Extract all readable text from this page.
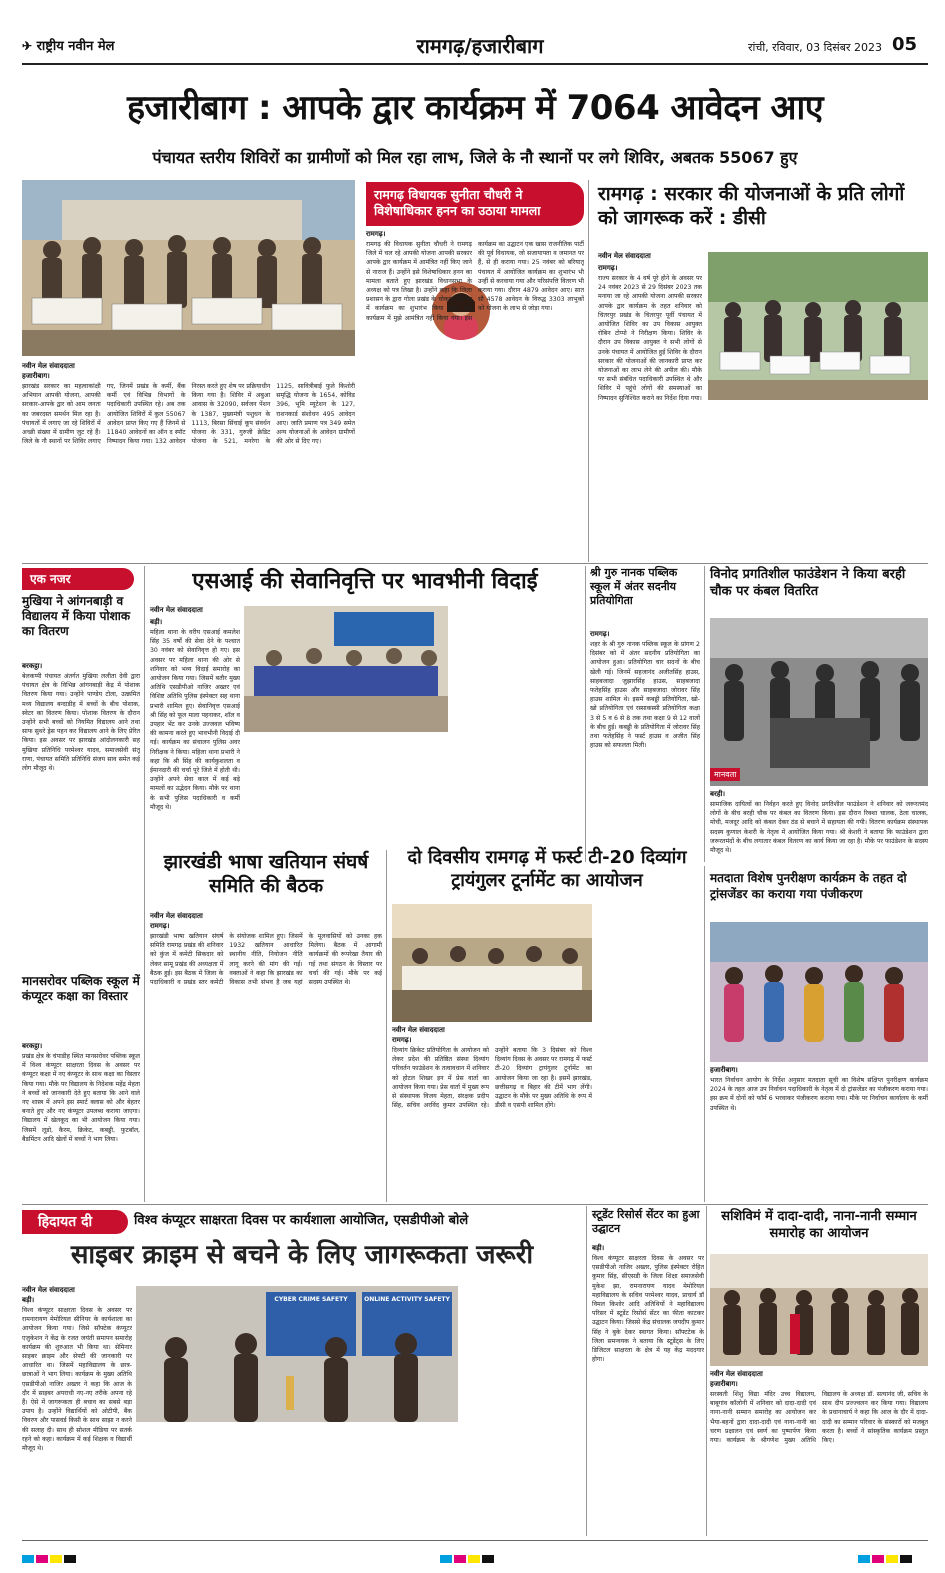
✈ राष्ट्रीय नवीन मेल	रामगढ़/हजारीबाग	रांची, रविवार, 03 दिसंबर 2023 05
हजारीबाग : आपके द्वार कार्यक्रम में 7064 आवेदन आए
पंचायत स्तरीय शिविरों का ग्रामीणों को मिल रहा लाभ, जिले के नौ स्थानों पर लगे शिविर, अबतक 55067 हुए
नवीन मेल संवाददाता
हजारीबाग।
झारखंड सरकार का महत्वाकांक्षी अभियान आपकी योजना, आपकी सरकार-आपके द्वार को आम जनता का जबरदस्त समर्थन मिल रहा है। पंचायतों में लगाए जा रहे शिविरों में अच्छी संख्या में ग्रामीण जुट रहे हैं। जिले के नौ स्थानों पर शिविर लगाए गए, जिनमें प्रखंड के कर्मी, बैंक कर्मी एवं विभिन्न विभागों के पदाधिकारी उपस्थित रहे। अब तक आयोजित शिविरों में कुल 55067 आवेदन प्राप्त किए गए हैं जिनमें से 11840 आवेदनों का ऑन द स्पॉट निष्पादन किया गया। 132 आवेदन निरस्त करते हुए शेष पर प्रक्रियाधीन किया गया है। शिविर में अबुआ आवास के 32090, सर्वजन पेंशन के 1387, मुख्यमंत्री पशुधन के 1113, बिरसा सिंचाई कूप संवर्धन योजना के 331, गुरुजी क्रेडिट योजना के 521, मनरेगा के 1125, सावित्रीबाई फुले किशोरी समृद्धि योजना के 1654, कोविड 396, भूमि म्यूटेशन के 127, राशनकार्ड संशोधन 495 आवेदन आए। जाति प्रमाण पत्र 349 समेत अन्य योजनाओं के आवेदन ग्रामीणों की ओर से दिए गए।
रामगढ़ विधायक सुनीता चौधरी ने विशेषाधिकार हनन का उठाया मामला
रामगढ़।
रामगढ़ की विधायक सुनीता चौधरी ने रामगढ़ जिले में चल रहे आपकी योजना आपकी सरकार आपके द्वार कार्यक्रम में आमंत्रित नहीं किए जाने से नाराज हैं। उन्होंने इसे विशेषाधिकार हनन का मामला बताते हुए झारखंड विधानसभा के अध्यक्ष को पत्र लिखा है। उन्होंने कहा कि जिला प्रशासन के द्वारा गोला प्रखंड के चोकाद पंचायत में कार्यक्रम का शुभारंभ किया गया। इस कार्यक्रम में मुझे आमंत्रित नहीं किया गया। इस कार्यक्रम का उद्घाटन एक खास राजनीतिक पार्टी की पूर्व विधायक, जो सजायाफ्ता व जमानत पर हैं, से ही कराया गया। 25 नवंबर को बरियातू पंचायत में आयोजित कार्यक्रम का शुभारंभ भी उन्हीं से करवाया गया और परिसंपत्ति वितरण भी कराया गया। दौरान 4879 आवेदन आए। सात सौ 4578 आवेदन के विरुद्ध 3303 लाभुकों को योजना के लाभ से जोड़ा गया।
रामगढ़ : सरकार की योजनाओं के प्रति लोगों को जागरूक करें : डीसी
नवीन मेल संवाददाता
रामगढ़।
राज्य सरकार के 4 वर्ष पूरे होने के अवसर पर 24 नवंबर 2023 से 29 दिसंबर 2023 तक मनाया जा रहे आपकी योजना आपकी सरकार आपके द्वार कार्यक्रम के तहत शनिवार को चितरपुर प्रखंड के चितरपुर पूर्वी पंचायत में आयोजित शिविर का उप विकास आयुक्त रोबिन टोप्पो ने निरीक्षण किया। शिविर के दौरान उप विकास आयुक्त ने सभी लोगों से उनके पंचायत में आयोजित हुई शिविर के दौरान सरकार की योजनाओं की जानकारी प्राप्त कर योजनाओं का लाभ लेने की अपील की। मौके पर सभी संबंधित पदाधिकारी उपस्थित थे और शिविर में पहुंचे लोगों की समस्याओं का निष्पादन सुनिश्चित कराने का निर्देश दिया गया।
एक नजर
मुखिया ने आंगनबाड़ी व विद्यालय में किया पोशाक का वितरण
बरकट्ठा।
बेलकप्पी पंचायत अंतर्गत मुखिया ललीता देवी द्वारा पंचायत क्षेत्र के विभिन्न आंगनबाड़ी केंद्र में पोशाक वितरण किया गया। उन्होंने पाण्डेय टोला, उत्क्रमित मध्य विद्यालय बन्दाडीह में बच्चों के बीच पोशाक, स्वेटर का वितरण किया। पोशाक वितरण के दौरान उन्होंने सभी बच्चों को नियमित विद्यालय आने तथा साफ सुथरे ड्रेस पहन कर विद्यालय आने के लिए प्रेरित किया। इस अवसर पर झारखंड आंदोलनकारी सह मुखिया प्रतिनिधि परमेश्वर यादव, समाजसेवी संतू राणा, पंचायत समिति प्रतिनिधि संजय साव समेत कई लोग मौजूद थे।
मानसरोवर पब्लिक स्कूल में कंप्यूटर कक्षा का विस्तार
बरकट्ठा।
प्रखंड क्षेत्र के चंपाडीह स्थित मानसरोवर पब्लिक स्कूल में विश्व कंप्यूटर साक्षरता दिवस के अवसर पर कंप्यूटर कक्षा में नए कंप्यूटर के साथ कक्षा का विस्तार किया गया। मौके पर विद्यालय के निदेशक महेंद्र मेहता ने बच्चों को जानकारी देते हुए बताया कि आने वाले नए शास्त्र में अपने इस स्मार्ट क्लास को और बेहतर बनाते हुए और नए कंप्यूटर उपलब्ध कराया जाएगा। विद्यालय में खेलकूद का भी आयोजन किया गया। जिसमें लूडो, कैरम, क्रिकेट, कबड्डी, फुटबॉल, बैडमिंटन आदि खेलों में बच्चों ने भाग लिया।
एसआई की सेवानिवृत्ति पर भावभीनी विदाई
नवीन मेल संवाददाता
बड़ी।
महिला थाना के वरीय एसआई कमलेश सिंह 35 वर्षों की सेवा देने के पश्चात 30 नवंबर को सेवानिवृत्त हो गए। इस अवसर पर महिला थाना की ओर से शनिवार को भव्य विदाई समारोह का आयोजन किया गया। जिसमें बतौर मुख्य अतिथि एसडीपीओ नाजिर अख्तर एवं विशिष्ट अतिथि पुलिस इंस्पेक्टर सह थाना प्रभारी शामिल हुए। सेवानिवृत्त एसआई श्री सिंह को फूल माला पहनाकर, शॉल व उपहार भेंट कर उनके उज्जवल भविष्य की कामना करते हुए भावभीनी विदाई दी गई। कार्यक्रम का संचालन पुलिस अवर निरीक्षक ने किया। महिला थाना प्रभारी ने कहा कि श्री सिंह की कार्यकुशलता व ईमानदारी की चर्चा पूरे जिले में होती थी। उन्होंने अपने सेवा काल में कई बड़े मामलों का उद्भेदन किया। मौके पर थाना के सभी पुलिस पदाधिकारी व कर्मी मौजूद थे।
श्री गुरु नानक पब्लिक स्कूल में अंतर सदनीय प्रतियोगिता
रामगढ़।
शहर के श्री गुरु नानक पब्लिक स्कूल के प्रांगण 2 दिसंबर को में अंतर सदनीय प्रतियोगिता का आयोजन हुआ। प्रतियोगिता चार सदनों के बीच खेली गई। जिनमें सहजानंद अजीतसिंह हाउस, साहबजादा जुझारसिंह हाउस, साहबजादा फतेहसिंह हाउस और साहबजादा जोरावर सिंह हाउस शामिल थे। इसमें कबड्डी प्रतियोगिता, खो-खो प्रतियोगिता एवं रस्साकस्सी प्रतियोगिता कक्षा 3 से 5 व 6 से 8 तक तथा कक्षा 9 से 12 वालों के बीच हुई। कबड्डी के प्रतियोगिता में जोरावर सिंह तथा फतेहसिंह ने फर्स्ट हाउस व अजीत सिंह हाउस को सफलता मिली।
विनोद प्रगतिशील फाउंडेशन ने किया बरही चौक पर कंबल वितरित
मानवता
बरही।
सामाजिक दायित्वों का निर्वहन करते हुए विनोद प्रगतिशील फाउंडेशन ने शनिवार को जरूरतमंद लोगों के बीच बरही चौक पर कंबल का वितरण किया। इस दौरान रिक्शा चालक, ठेला चालक, मोची, मजदूर आदि को कंबल देकर ठंड से बचाने में सहायता की गयी। वितरण कार्यक्रम संस्थापक सदस्य कुणाल केशरी के नेतृत्व में आयोजित किया गया। श्री केशरी ने बताया कि फाउंडेशन द्वारा जरूरतमंदों के बीच लगातार कंबल वितरण का कार्य किया जा रहा है। मौके पर फाउंडेशन के सदस्य मौजूद थे।
झारखंडी भाषा खतियान संघर्ष समिति की बैठक
नवीन मेल संवाददाता
रामगढ़।
झारखंडी भाषा खतियान संघर्ष समिति रामगढ़ प्रखंड की शनिवार को कुंज में कमेटी सिकदार को लेकर सामू प्रखंड की अध्यक्षता में बैठक हुई। इस बैठक में जिला के पदाधिकारी व प्रखंड स्तर कमेटी के संयोजक शामिल हुए। जिसमें 1932 खतियान आधारित स्थानीय नीति, नियोजन नीति लागू करने की मांग की गई। वक्ताओं ने कहा कि झारखंड का विकास तभी संभव है जब यहां के मूलवासियों को उनका हक मिलेगा। बैठक में आगामी कार्यक्रमों की रूपरेखा तैयार की गई तथा संगठन के विस्तार पर चर्चा की गई। मौके पर कई सदस्य उपस्थित थे।
दो दिवसीय रामगढ़ में फर्स्ट टी-20 दिव्यांग ट्रायंगुलर टूर्नामेंट का आयोजन
नवीन मेल संवाददाता
रामगढ़।
दिव्यांग क्रिकेट प्रतियोगिता के आयोजन को लेकर प्रदेश की प्रतिष्ठित संस्था दिव्यांग परिवर्तन फाउंडेशन के तत्वावधान में शनिवार को होटल शिखर इन में प्रेस वार्ता का आयोजन किया गया। प्रेस वार्ता में मुख्य रूप से संस्थापक विजय मेहता, संरक्षक प्रदीप सिंह, सचिव अरविंद कुमार उपस्थित रहे। उन्होंने बताया कि 3 दिसंबर को विश्व दिव्यांग दिवस के अवसर पर रामगढ़ में फर्स्ट टी-20 दिव्यांग ट्रायंगुलर टूर्नामेंट का आयोजन किया जा रहा है। इसमें झारखंड, छत्तीसगढ़ व बिहार की टीमें भाग लेंगी। उद्घाटन के मौके पर मुख्य अतिथि के रूप में डीसी व एसपी शामिल होंगे।
मतदाता विशेष पुनरीक्षण कार्यक्रम के तहत दो ट्रांसजेंडर का कराया गया पंजीकरण
हजारीबाग।
भारत निर्वाचन आयोग के निर्देश अनुसार मतदाता सूची का विशेष संक्षिप्त पुनरीक्षण कार्यक्रम 2024 के तहत आज उप निर्वाचन पदाधिकारी के नेतृत्व में दो ट्रांसजेंडर का पंजीकरण कराया गया। इस क्रम में दोनों को फॉर्म 6 भरवाकर पंजीकरण कराया गया। मौके पर निर्वाचन कार्यालय के कर्मी उपस्थित थे।
हिदायत दी	विश्व कंप्यूटर साक्षरता दिवस पर कार्यशाला आयोजित, एसडीपीओ बोले
साइबर क्राइम से बचने के लिए जागरूकता जरूरी
नवीन मेल संवाददाता
बड़ी।
विश्व कंप्यूटर साक्षरता दिवस के अवसर पर रामनारायण मेमोरियल सीनियर के कार्यशाला का आयोजन किया गया। जिसे सॉफ्टेक कंप्यूटर एजुकेशन ने केंद्र के रजत जयंती समापन समारोह कार्यक्रम की शुरुआत भी किया था। सेमिनार साइबर क्राइम और सेफ्टी की जानकारी पर आधारित था। जिसमें महाविद्यालय के छात्र-छात्राओं ने भाग लिया। कार्यक्रम के मुख्य अतिथि एसडीपीओ नाजिर अख्तर ने कहा कि आज के दौर में साइबर अपराधी नए-नए तरीके अपना रहे हैं। ऐसे में जागरूकता ही बचाव का सबसे बड़ा उपाय है। उन्होंने विद्यार्थियों को ओटीपी, बैंक विवरण और पासवर्ड किसी के साथ साझा न करने की सलाह दी। साथ ही सोशल मीडिया पर सतर्क रहने को कहा। कार्यक्रम में कई शिक्षक व विद्यार्थी मौजूद थे।
CYBER CRIME SAFETY	ONLINE ACTIVITY SAFETY
स्टूडेंट रिसोर्स सेंटर का हुआ उद्घाटन
बड़ी।
विश्व कंप्यूटर साक्षरता दिवस के अवसर पर एसडीपीओ नाजिर अख्तर, पुलिस इंस्पेक्टर रोहित कुमार सिंह, सीएसडी के जिला शिक्षा समाजसेवी मुकेश झा, रामनारायण यादव मेमोरियल महाविद्यालय के सचिव परमेश्वर यादव, प्राचार्य डॉ विमल किशोर आदि अतिथियों ने महाविद्यालय परिसर में स्टूडेंट रिसोर्स सेंटर का फीता काटकर उद्घाटन किया। जिससे केंद्र संचालक जयदीप कुमार सिंह ने बुके देकर स्वागत किया। सॉफ्टटेक के जिला समन्वयक ने बताया कि स्टूडेंट्स के लिए डिजिटल साक्षरता के क्षेत्र में यह केंद्र मददगार होगा।
सशिविमं में दादा-दादी, नाना-नानी सम्मान समारोह का आयोजन
नवीन मेल संवाददाता
हजारीबाग।
सरस्वती शिशु विद्या मंदिर उच्च विद्यालय, बाबूगांव कॉलोनी में शनिवार को दादा-दादी एवं नाना-नानी सम्मान समारोह का आयोजन कर भैया-बहनों द्वारा दादा-दादी एवं नाना-नानी का चरण प्रक्षालन एवं स्वर्ण का पुष्पार्पण किया गया। कार्यक्रम के श्रीगणेश मुख्य अतिथि विद्यालय के अध्यक्ष डॉ. सत्यानंद जी, सचिव के साथ दीप प्रज्ज्वलन कर किया गया। विद्यालय के प्रधानाचार्य ने कहा कि आज के दौर में दादा-दादी का सम्मान परिवार के संस्कारों को मजबूत करता है। बच्चों ने सांस्कृतिक कार्यक्रम प्रस्तुत किए।
